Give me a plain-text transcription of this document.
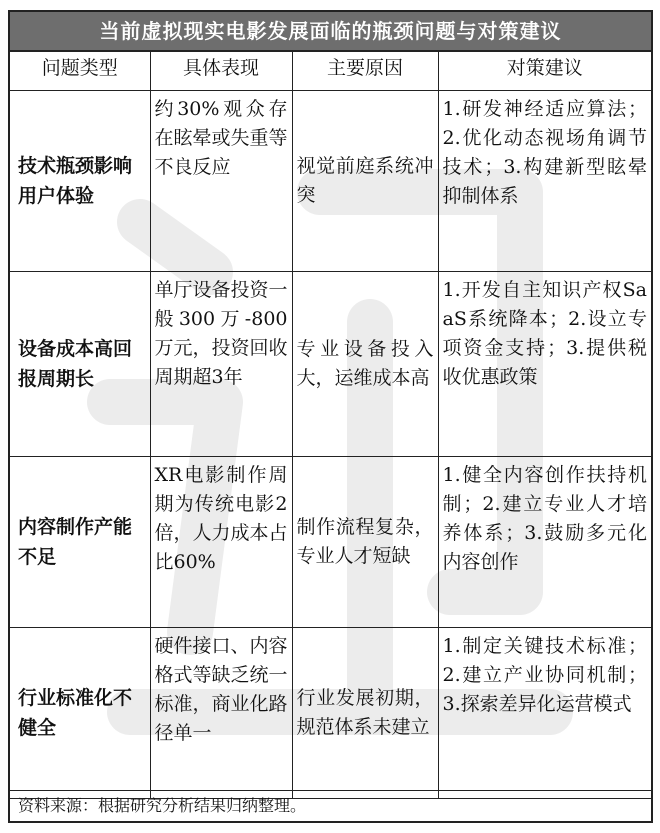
当前虚拟现实电影发展面临的瓶颈问题与对策建议
问题类型	具体表现	主要原因	对策建议
技术瓶颈影响用户体验	约30%观众存在眩晕或失重等不良反应	视觉前庭系统冲突	1.研发神经适应算法；2.优化动态视场角调节技术；3.构建新型眩晕抑制体系
设备成本高回报周期长	单厅设备投资一般300万-800万元，投资回收周期超3年	专业设备投入大，运维成本高	1.开发自主知识产权SaaS系统降本；2.设立专项资金支持；3.提供税收优惠政策
内容制作产能不足	XR电影制作周期为传统电影2倍，人力成本占比60%	制作流程复杂，专业人才短缺	1.健全内容创作扶持机制；2.建立专业人才培养体系；3.鼓励多元化内容创作
行业标准化不健全	硬件接口、内容格式等缺乏统一标准，商业化路径单一	行业发展初期，规范体系未建立	1.制定关键技术标准；2.建立产业协同机制；3.探索差异化运营模式
资料来源：根据研究分析结果归纳整理。
